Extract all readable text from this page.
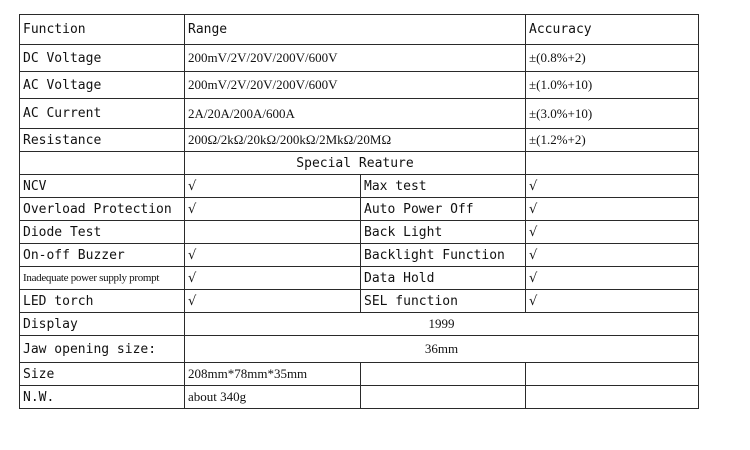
Function	Range		Accuracy
DC Voltage	200mV/2V/20V/200V/600V		±(0.8%+2)
AC Voltage	200mV/2V/20V/200V/600V		±(1.0%+10)
AC Current	2A/20A/200A/600A		±(3.0%+10)
Resistance	200Ω/2kΩ/20kΩ/200kΩ/2MkΩ/20MΩ		±(1.2%+2)
	Special Reature		
NCV	√	Max test	√
Overload Protection	√	Auto Power Off	√
Diode Test		Back Light	√
On-off Buzzer	√	Backlight Function	√
Inadequate power supply prompt	√	Data Hold	√
LED torch	√	SEL function	√
Display	1999		
Jaw opening size:	36mm		
Size	208mm*78mm*35mm		
N.W.	about 340g		
